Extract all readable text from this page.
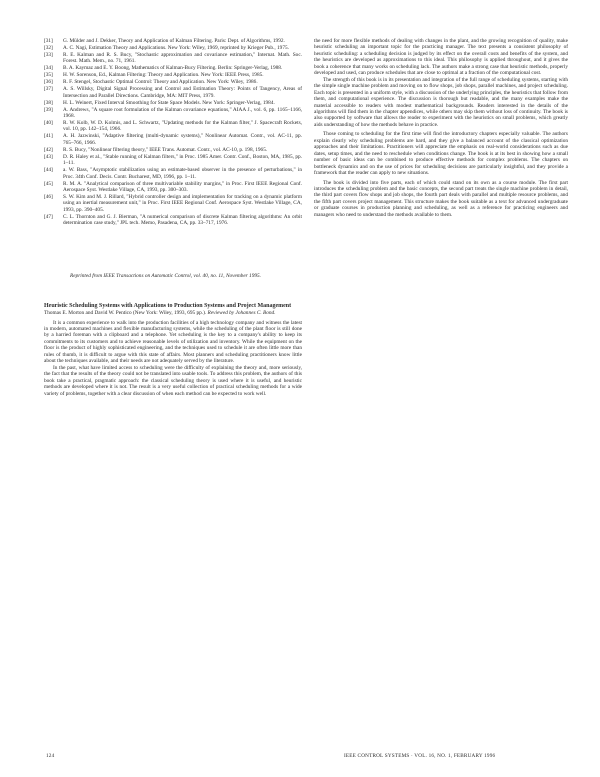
[31]	G. Mülder and J. Dekker, Theory and Application of Kalman Filtering. Paris: Dept. of Algorithms, 1992.
[32]	A. C. Nagi, Estimation Theory and Applications. New York: Wiley, 1969, reprinted by Krieger Pub., 1975.
[33]	R. E. Kalman and R. S. Bucy, "Stochastic approximation and covariance estimation," Internat. Math. Soc. Forest. Math. Mem., no. 71, 1961.
[34]	B. A. Kaymaz and E. Y. Boong, Mathematics of Kalman-Bucy Filtering. Berlin: Springer-Verlag, 1988.
[35]	H. W. Sorenson, Ed., Kalman Filtering: Theory and Application. New York: IEEE Press, 1985.
[36]	R. F. Stengel, Stochastic Optimal Control: Theory and Application. New York: Wiley, 1986.
[37]	A. S. Willsky, Digital Signal Processing and Control and Estimation Theory: Points of Tangency, Areas of Intersection and Parallel Directions. Cambridge, MA: MIT Press, 1979.
[38]	H. L. Weinert, Fixed Interval Smoothing for State Space Models. New York: Springer-Verlag, 1984.
[39]	A. Andrews, "A square root formulation of the Kalman covariance equations," AIAA J., vol. 6, pp. 1165–1166, 1968.
[40]	R. W. Kolb, W. D. Kolmis, and L. Schwartz, "Updating methods for the Kalman filter," J. Spacecraft Rockets, vol. 10, pp. 142–154, 1966.
[41]	A. H. Jazwinski, "Adaptive filtering (multi-dynamic systems)," Nonlinear Automat. Contr., vol. AC-11, pp. 765–766, 1966.
[42]	R. S. Bucy, "Nonlinear filtering theory," IEEE Trans. Automat. Contr., vol. AC-10, p. 198, 1965.
[43]	D. R. Haley et al., "Stable running of Kalman filters," in Proc. 1985 Amer. Contr. Conf., Boston, MA, 1985, pp. 1–11.
[44]	a. W. Bass, "Asymptotic stabilization using an estimate-based observer in the presence of perturbations," in Proc. 34th Conf. Decis. Contr. Bucharest, MD, 1996, pp. 1–11.
[45]	R. M. A. "Analytical comparison of three multivariable stability margins," in Proc. First IEEE Regional Conf. Aerospace Syst. Westlake Village, CA, 1993, pp. 300–303.
[46]	S. W. Kim and M. J. Rillard, "Hybrid controller design and implementation for tracking on a dynamic platform using an inertial measurement unit," in Proc. First IEEE Regional Conf. Aerospace Syst. Westlake Village, CA, 1993, pp. 390–405.
[47]	C. L. Thornton and G. J. Bierman, "A numerical comparison of discrete Kalman filtering algorithms: An orbit determination case study," JPL tech. Memo, Pasadena, CA, pp. 33–717, 1976.
Reprinted from IEEE Transactions on Automatic Control, vol. 40, no. 11, November 1995.
Heuristic Scheduling Systems with Applications to Production Systems and Project Management
Thomas E. Morton and David W. Pentico (New York: Wiley, 1993, 695 pp.). Reviewed by Johannes C. Bond.

It is a common experience to walk into the production facilities of a high technology company and witness the latest in modern, automated machines and flexible manufacturing systems, while the scheduling of the plant floor is still done by a harried foreman with a clipboard and a telephone. Yet scheduling is the key to a company's ability to keep its commitments to its customers and to achieve reasonable levels of utilization and inventory. While the equipment on the floor is the product of highly sophisticated engineering, and the techniques used to schedule it are often little more than rules of thumb, it is difficult to argue with this state of affairs. Most planners and scheduling practitioners know little about the techniques available, and their needs are not adequately served by the literature.

In the past, what have limited access to scheduling were the difficulty of explaining the theory and, more seriously, the fact that the results of the theory could not be translated into usable tools. To address this problem, the authors of this book take a practical, pragmatic approach: the classical scheduling theory is used where it is useful, and heuristic methods are developed where it is not. The result is a very useful collection of practical scheduling methods for a wide variety of problems, together with a clear discussion of when each method can be expected to work well.

the need for more flexible methods of dealing with changes in the plant, and the growing recognition of quality, make heuristic scheduling an important topic for the practicing manager. The text presents a consistent philosophy of heuristic scheduling: a scheduling decision is judged by its effect on the overall costs and benefits of the system, and the heuristics are developed as approximations to this ideal. This philosophy is applied throughout, and it gives the book a coherence that many works on scheduling lack. The authors make a strong case that heuristic methods, properly developed and used, can produce schedules that are close to optimal at a fraction of the computational cost.

The strength of this book is in its presentation and integration of the full range of scheduling systems, starting with the simple single machine problem and moving on to flow shops, job shops, parallel machines, and project scheduling. Each topic is presented in a uniform style, with a discussion of the underlying principles, the heuristics that follow from them, and computational experience. The discussion is thorough but readable, and the many examples make the material accessible to readers with modest mathematical backgrounds. Readers interested in the details of the algorithms will find them in the chapter appendices, while others may skip them without loss of continuity. The book is also supported by software that allows the reader to experiment with the heuristics on small problems, which greatly aids understanding of how the methods behave in practice.

Those coming to scheduling for the first time will find the introductory chapters especially valuable. The authors explain clearly why scheduling problems are hard, and they give a balanced account of the classical optimization approaches and their limitations. Practitioners will appreciate the emphasis on real-world considerations such as due dates, setup times, and the need to reschedule when conditions change. The book is at its best in showing how a small number of basic ideas can be combined to produce effective methods for complex problems. The chapters on bottleneck dynamics and on the use of prices for scheduling decisions are particularly insightful, and they provide a framework that the reader can apply to new situations.

The book is divided into five parts, each of which could stand on its own as a course module. The first part introduces the scheduling problem and the basic concepts, the second part treats the single machine problem in detail, the third part covers flow shops and job shops, the fourth part deals with parallel and multiple resource problems, and the fifth part covers project management. This structure makes the book suitable as a text for advanced undergraduate or graduate courses in production planning and scheduling, as well as a reference for practicing engineers and managers who need to understand the methods available to them.

124	IEEE CONTROL SYSTEMS · VOL. 16, NO. 1, FEBRUARY 1996
